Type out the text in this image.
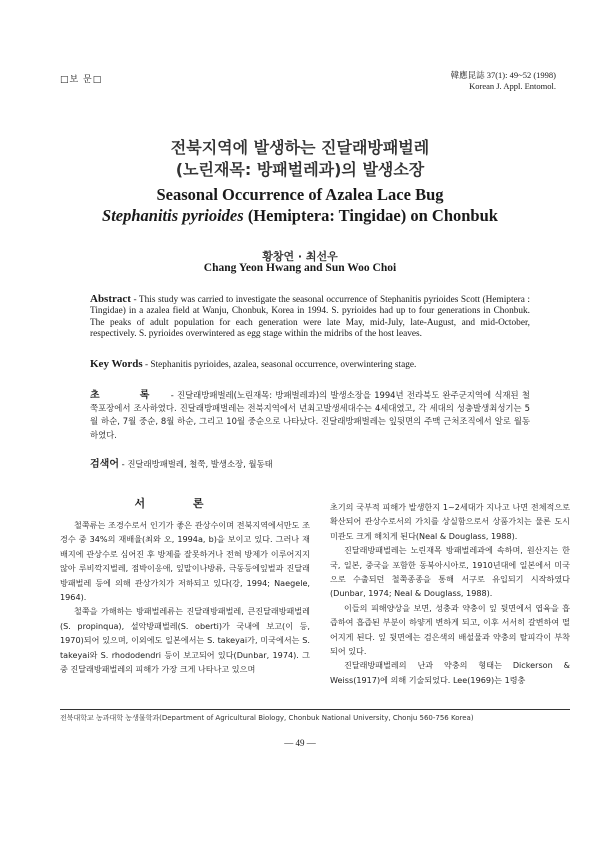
□보 문□	韓應昆誌 37(1): 49~52 (1998)
Korean J. Appl. Entomol.
전북지역에 발생하는 진달래방패벌레
(노린재목: 방패벌레과)의 발생소장
Seasonal Occurrence of Azalea Lace Bug
Stephanitis pyrioides (Hemiptera: Tingidae) on Chonbuk
황창연 · 최선우
Chang Yeon Hwang and Sun Woo Choi
Abstract - This study was carried to investigate the seasonal occurrence of Stephanitis pyrioides Scott (Hemiptera : Tingidae) in a azalea field at Wanju, Chonbuk, Korea in 1994. S. pyrioides had up to four generations in Chonbuk. The peaks of adult population for each generation were late May, mid-July, late-August, and mid-October, respectively. S. pyrioides overwintered as egg stage within the midribs of the host leaves.
Key Words - Stephanitis pyrioides, azalea, seasonal occurrence, overwintering stage.
초 록 - 진달래방패벌레(노린재목: 방패벌레과)의 발생소장을 1994년 전라북도 완주군지역에 식재된 철쭉포장에서 조사하였다. 진달래방패벌레는 전북지역에서 년최고발생세대수는 4세대였고, 각 세대의 성충발생최성기는 5월 하순, 7월 중순, 8월 하순, 그리고 10월 중순으로 나타났다. 진달래방패벌레는 잎뒷면의 주맥 근처조직에서 알로 월동하였다.
검색어 - 진달래방패벌레, 철쭉, 발생소장, 월동태
서 론

철쭉류는 조경수로서 인기가 좋은 관상수이며 전북지역에서만도 조경수 중 34%의 재배율(최와 오, 1994a, b)을 보이고 있다. 그러나 재배지에 관상수로 심어진 후 방제를 잘못하거나 전혀 방제가 이루어지지 않아 루비깍지벌레, 점박이응애, 잎말이나방류, 극동등에잎벌과 진달래방패벌레 등에 의해 관상가치가 저하되고 있다(강, 1994; Naegele, 1964).

철쭉을 가해하는 방패벌레류는 진달래방패벌레, 큰진달래방패벌레(S. propinqua), 설악방패벌레(S. oberti)가 국내에 보고(이 등, 1970)되어 있으며, 이외에도 일본에서는 S. takeyai가, 미국에서는 S. takeyai와 S. rhododendri 등이 보고되어 있다(Dunbar, 1974). 그 중 진달래방패벌레의 피해가 가장 크게 나타나고 있으며

초기의 국부적 피해가 발생한지 1~2세대가 지나고 나면 전체적으로 확산되어 관상수로서의 가치를 상실함으로서 상품가치는 물론 도시 미관도 크게 해치게 된다(Neal & Douglass, 1988).

진달래방패벌레는 노린재목 방패벌레과에 속하며, 원산지는 한국, 일본, 중국을 포함한 동북아시아로, 1910년대에 일본에서 미국으로 수출되던 철쭉종종을 통해 서구로 유입되기 시작하였다(Dunbar, 1974; Neal & Douglass, 1988).

이들의 피해양상을 보면, 성충과 약충이 잎 뒷면에서 엽육을 흡즙하여 흡즙된 부분이 하얗게 변하게 되고, 이후 서서히 갈변하여 떨어지게 된다. 잎 뒷면에는 검은색의 배설물과 약충의 탈피각이 부착되어 있다.

진달래방패벌레의 난과 약충의 형태는 Dickerson & Weiss(1917)에 의해 기술되었다. Lee(1969)는 1령충

전북대학교 농과대학 농생물학과(Department of Agricultural Biology, Chonbuk National University, Chonju 560-756 Korea)
— 49 —
